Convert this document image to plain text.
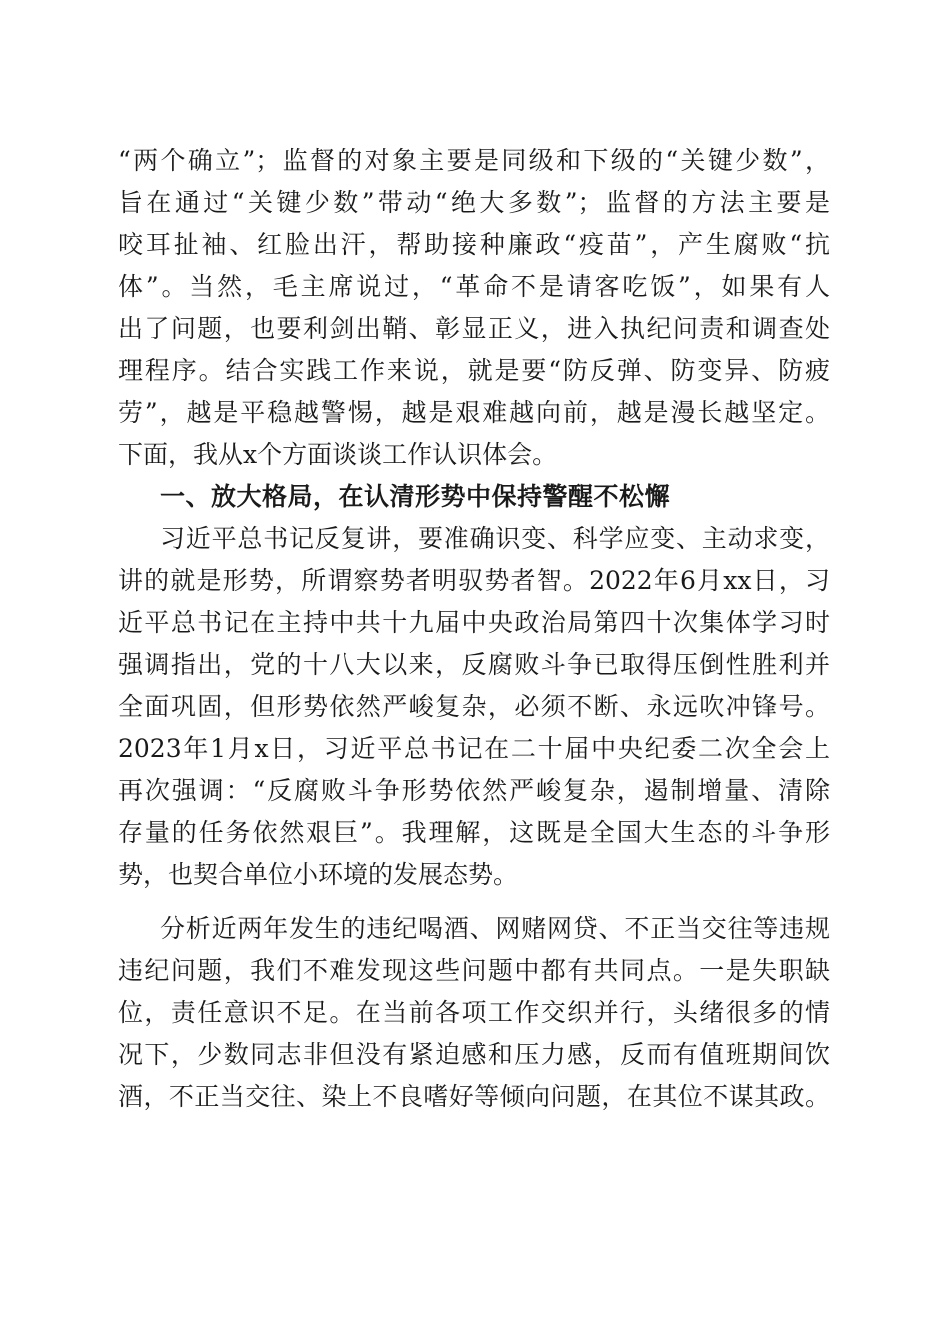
“两个确立”；监督的对象主要是同级和下级的“关键少数”，
旨在通过“关键少数”带动“绝大多数”；监督的方法主要是
咬耳扯袖、红脸出汗，帮助接种廉政“疫苗”，产生腐败“抗
体”。当然，毛主席说过，“革命不是请客吃饭”，如果有人
出了问题，也要利剑出鞘、彰显正义，进入执纪问责和调查处
理程序。结合实践工作来说，就是要“防反弹、防变异、防疲
劳”，越是平稳越警惕，越是艰难越向前，越是漫长越坚定。
下面，我从x个方面谈谈工作认识体会。
一、放大格局，在认清形势中保持警醒不松懈
习近平总书记反复讲，要准确识变、科学应变、主动求变，
讲的就是形势，所谓察势者明驭势者智。2022年6月xx日，习
近平总书记在主持中共十九届中央政治局第四十次集体学习时
强调指出，党的十八大以来，反腐败斗争已取得压倒性胜利并
全面巩固，但形势依然严峻复杂，必须不断、永远吹冲锋号。
2023年1月x日，习近平总书记在二十届中央纪委二次全会上
再次强调：“反腐败斗争形势依然严峻复杂，遏制增量、清除
存量的任务依然艰巨”。我理解，这既是全国大生态的斗争形
势，也契合单位小环境的发展态势。
分析近两年发生的违纪喝酒、网赌网贷、不正当交往等违规
违纪问题，我们不难发现这些问题中都有共同点。一是失职缺
位，责任意识不足。在当前各项工作交织并行，头绪很多的情
况下，少数同志非但没有紧迫感和压力感，反而有值班期间饮
酒，不正当交往、染上不良嗜好等倾向问题，在其位不谋其政。
